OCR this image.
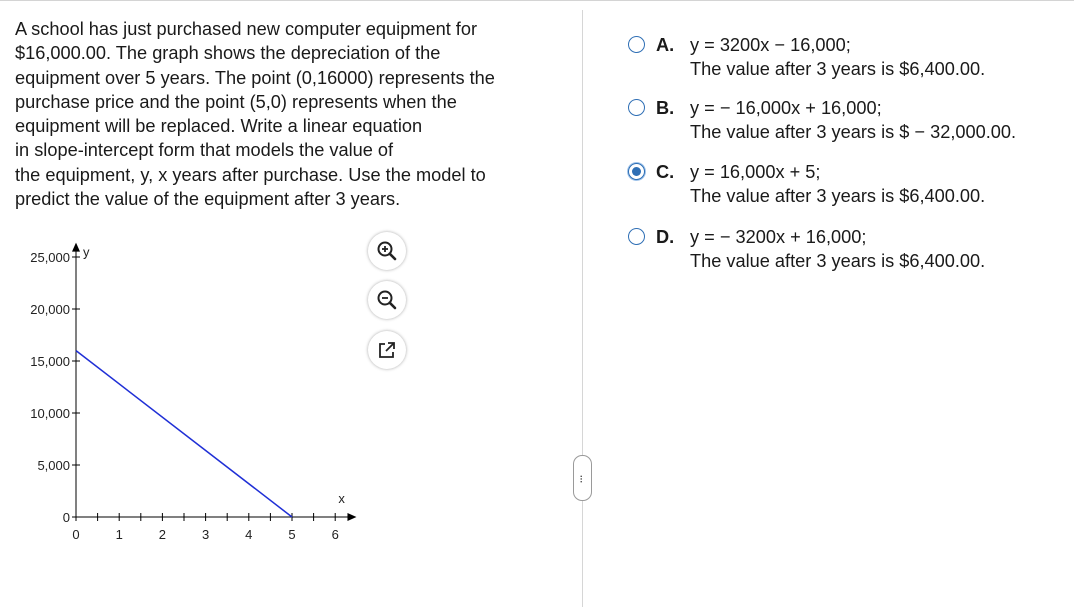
A school has just purchased new computer equipment for
$16,000.00. The graph shows the depreciation of the
equipment over 5 years. The point (0,16000) represents the
purchase price and the point (5,0) represents when the
equipment will be replaced. Write a linear equation
in slope-intercept form that models the value of
the equipment, y, x years after purchase. Use the model to
predict the value of the equipment after 3 years.
0	1	2	3	4	5	6
0
5,000
10,000
15,000
20,000
25,000
x
y
···
A. y = 3200x − 16,000;
The value after 3 years is $6,400.00.
B. y = − 16,000x + 16,000;
The value after 3 years is $ − 32,000.00.
C. y = 16,000x + 5;
The value after 3 years is $6,400.00.
D. y = − 3200x + 16,000;
The value after 3 years is $6,400.00.
